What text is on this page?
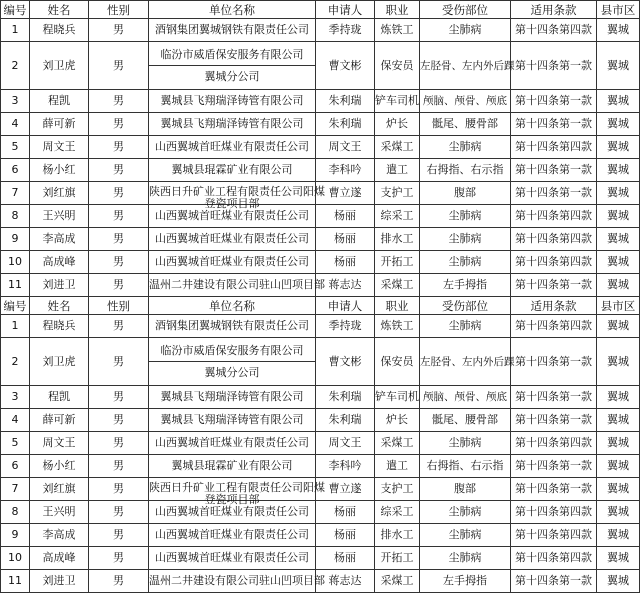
编号	姓名	性别	单位名称	申请人	职业	受伤部位	适用条款	县市区
1	程晓兵	男	酒钢集团翼城钢铁有限责任公司	季持珑	炼铁工	尘肺病	第十四条第四款	翼城
2	刘卫虎	男	临汾市威盾保安服务有限公司
翼城分公司	曹文彬	保安员	左胫骨、左内外后踝	第十四条第一款	翼城
3	程凯	男	翼城县飞翔瑞泽铸管有限公司	朱利瑞	铲车司机	颅脑、颅骨、颅底	第十四条第一款	翼城
4	薛可新	男	翼城县飞翔瑞泽铸管有限公司	朱利瑞	炉长	骶尾、腰骨部	第十四条第一款	翼城
5	周文王	男	山西翼城首旺煤业有限责任公司	周文王	采煤工	尘肺病	第十四条第四款	翼城
6	杨小红	男	翼城县琨霖矿业有限公司	李科吟	遣工	右拇指、右示指	第十四条第一款	翼城
7	刘红旗	男	陕西日升矿业工程有限责任公司阳煤
登瓷项目部	曹立遂	支护工	腹部	第十四条第一款	翼城
8	王兴明	男	山西翼城首旺煤业有限责任公司	杨丽	综采工	尘肺病	第十四条第四款	翼城
9	李高成	男	山西翼城首旺煤业有限责任公司	杨丽	排水工	尘肺病	第十四条第四款	翼城
10	高成峰	男	山西翼城首旺煤业有限责任公司	杨丽	开拓工	尘肺病	第十四条第四款	翼城
11	刘进卫	男	温州二井建设有限公司驻山凹项目部	蒋志达	采煤工	左手拇指	第十四条第一款	翼城
编号	姓名	性别	单位名称	申请人	职业	受伤部位	适用条款	县市区
1	程晓兵	男	酒钢集团翼城钢铁有限责任公司	季持珑	炼铁工	尘肺病	第十四条第四款	翼城
2	刘卫虎	男	临汾市威盾保安服务有限公司
翼城分公司	曹文彬	保安员	左胫骨、左内外后踝	第十四条第一款	翼城
3	程凯	男	翼城县飞翔瑞泽铸管有限公司	朱利瑞	铲车司机	颅脑、颅骨、颅底	第十四条第一款	翼城
4	薛可新	男	翼城县飞翔瑞泽铸管有限公司	朱利瑞	炉长	骶尾、腰骨部	第十四条第一款	翼城
5	周文王	男	山西翼城首旺煤业有限责任公司	周文王	采煤工	尘肺病	第十四条第四款	翼城
6	杨小红	男	翼城县琨霖矿业有限公司	李科吟	遣工	右拇指、右示指	第十四条第一款	翼城
7	刘红旗	男	陕西日升矿业工程有限责任公司阳煤
登瓷项目部	曹立遂	支护工	腹部	第十四条第一款	翼城
8	王兴明	男	山西翼城首旺煤业有限责任公司	杨丽	综采工	尘肺病	第十四条第四款	翼城
9	李高成	男	山西翼城首旺煤业有限责任公司	杨丽	排水工	尘肺病	第十四条第四款	翼城
10	高成峰	男	山西翼城首旺煤业有限责任公司	杨丽	开拓工	尘肺病	第十四条第四款	翼城
11	刘进卫	男	温州二井建设有限公司驻山凹项目部	蒋志达	采煤工	左手拇指	第十四条第一款	翼城
